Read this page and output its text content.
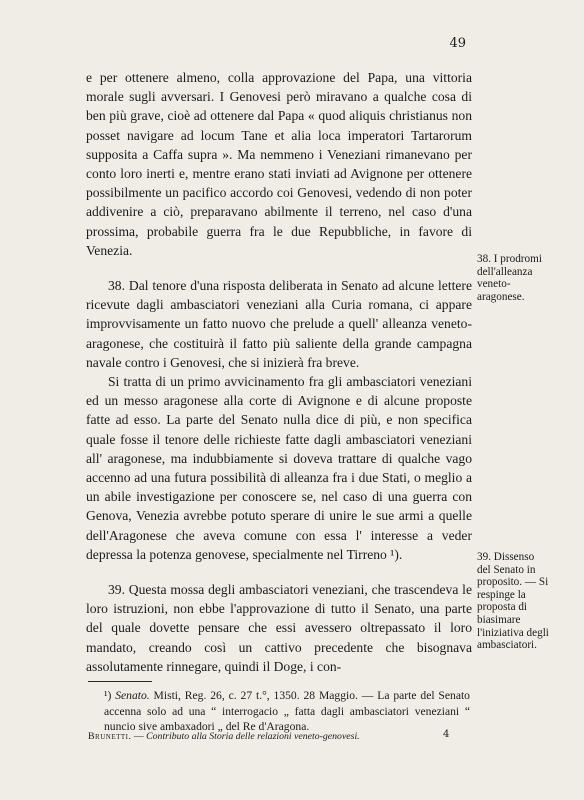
49

e per ottenere almeno, colla approvazione del Papa, una vittoria morale sugli avversari. I Genovesi però miravano a qualche cosa di ben più grave, cioè ad ottenere dal Papa « quod aliquis christianus non posset navigare ad locum Tane et alia loca imperatori Tartarorum supposita a Caffa supra ». Ma nemmeno i Veneziani rimanevano per conto loro inerti e, mentre erano stati inviati ad Avignone per ottenere possibilmente un pacifico accordo coi Genovesi, vedendo di non poter addivenire a ciò, preparavano abilmente il terreno, nel caso d'una prossima, probabile guerra fra le due Repubbliche, in favore di Venezia.

38. Dal tenore d'una risposta deliberata in Senato ad alcune lettere ricevute dagli ambasciatori veneziani alla Curia romana, ci appare improvvisamente un fatto nuovo che prelude a quell' alleanza veneto-aragonese, che costituirà il fatto più saliente della grande campagna navale contro i Genovesi, che si inizierà fra breve.

Si tratta di un primo avvicinamento fra gli ambasciatori veneziani ed un messo aragonese alla corte di Avignone e di alcune proposte fatte ad esso. La parte del Senato nulla dice di più, e non specifica quale fosse il tenore delle richieste fatte dagli ambasciatori veneziani all' aragonese, ma indubbiamente si doveva trattare di qualche vago accenno ad una futura possibilità di alleanza fra i due Stati, o meglio a un abile investigazione per conoscere se, nel caso di una guerra con Genova, Venezia avrebbe potuto sperare di unire le sue armi a quelle dell'Aragonese che aveva comune con essa l' interesse a veder depressa la potenza genovese, specialmente nel Tirreno ¹).

39. Questa mossa degli ambasciatori veneziani, che trascendeva le loro istruzioni, non ebbe l'approvazione di tutto il Senato, una parte del quale dovette pensare che essi avessero oltrepassato il loro mandato, creando così un cattivo precedente che bisognava assolutamente rinnegare, quindi il Doge, i con-

38. I prodromi dell'alleanza veneto-aragonese.
39. Dissenso del Senato in proposito. — Si respinge la proposta di biasimare l'iniziativa degli ambasciatori.
¹) Senato. Misti, Reg. 26, c. 27 t.°, 1350. 28 Maggio. — La parte del Senato accenna solo ad una “ interrogacio „ fatta dagli ambasciatori veneziani “ nuncio sive ambaxadori „ del Re d'Aragona.
Brunetti. — Contributo alla Storia delle relazioni veneto-genovesi.	4
